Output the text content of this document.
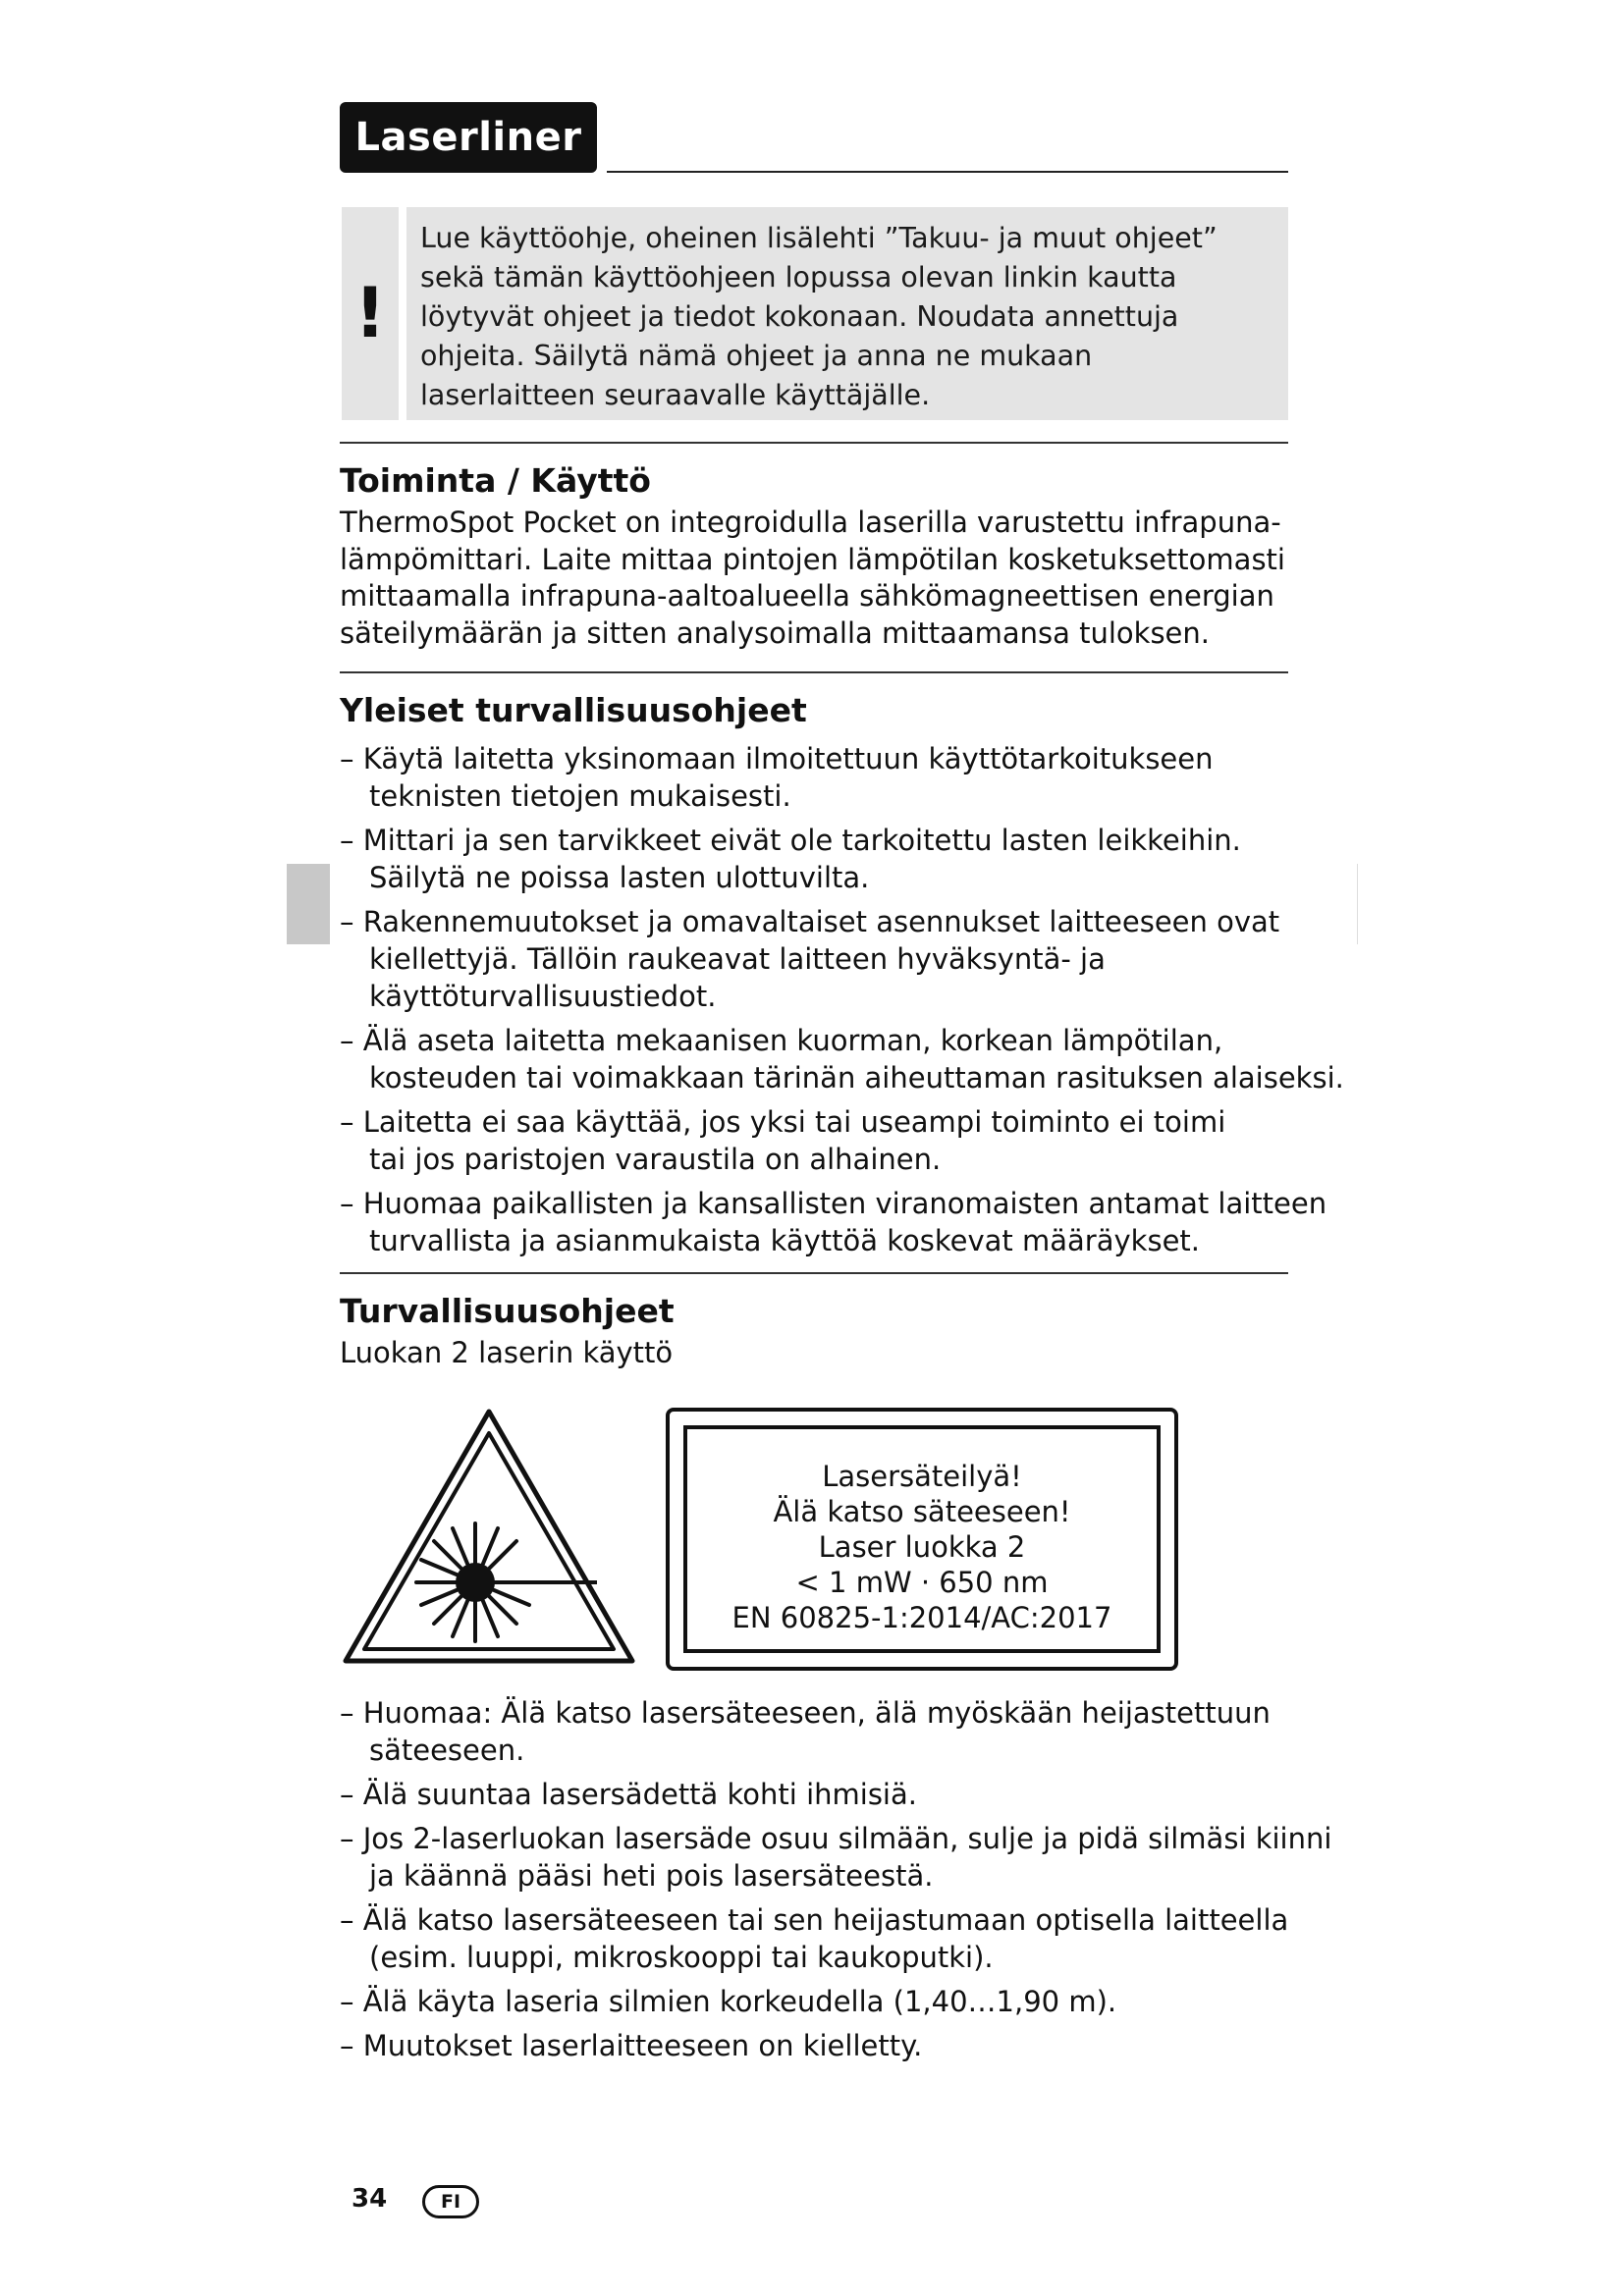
Laserliner
!
Lue käyttöohje, oheinen lisälehti ”Takuu- ja muut ohjeet”
sekä tämän käyttöohjeen lopussa olevan linkin kautta
löytyvät ohjeet ja tiedot kokonaan. Noudata annettuja
ohjeita. Säilytä nämä ohjeet ja anna ne mukaan
laserlaitteen seuraavalle käyttäjälle.
Toiminta / Käyttö
ThermoSpot Pocket on integroidulla laserilla varustettu infrapuna-
lämpömittari. Laite mittaa pintojen lämpötilan kosketuksettomasti
mittaamalla infrapuna-aaltoalueella sähkömagneettisen energian
säteilymäärän ja sitten analysoimalla mittaamansa tuloksen.
Yleiset turvallisuusohjeet
– Käytä laitetta yksinomaan ilmoitettuun käyttötarkoitukseen
teknisten tietojen mukaisesti.
– Mittari ja sen tarvikkeet eivät ole tarkoitettu lasten leikkeihin.
Säilytä ne poissa lasten ulottuvilta.
– Rakennemuutokset ja omavaltaiset asennukset laitteeseen ovat
kiellettyjä. Tällöin raukeavat laitteen hyväksyntä- ja
käyttöturvallisuustiedot.
– Älä aseta laitetta mekaanisen kuorman, korkean lämpötilan,
kosteuden tai voimakkaan tärinän aiheuttaman rasituksen alaiseksi.
– Laitetta ei saa käyttää, jos yksi tai useampi toiminto ei toimi
tai jos paristojen varaustila on alhainen.
– Huomaa paikallisten ja kansallisten viranomaisten antamat laitteen
turvallista ja asianmukaista käyttöä koskevat määräykset.
Turvallisuusohjeet
Luokan 2 laserin käyttö
Lasersäteilyä!
Älä katso säteeseen!
Laser luokka 2
< 1 mW · 650 nm
EN 60825-1:2014/AC:2017
– Huomaa: Älä katso lasersäteeseen, älä myöskään heijastettuun
säteeseen.
– Älä suuntaa lasersädettä kohti ihmisiä.
– Jos 2-laserluokan lasersäde osuu silmään, sulje ja pidä silmäsi kiinni
ja käännä pääsi heti pois lasersäteestä.
– Älä katso lasersäteeseen tai sen heijastumaan optisella laitteella
(esim. luuppi, mikroskooppi tai kaukoputki).
– Älä käyta laseria silmien korkeudella (1,40…1,90 m).
– Muutokset laserlaitteeseen on kielletty.
34	FI
